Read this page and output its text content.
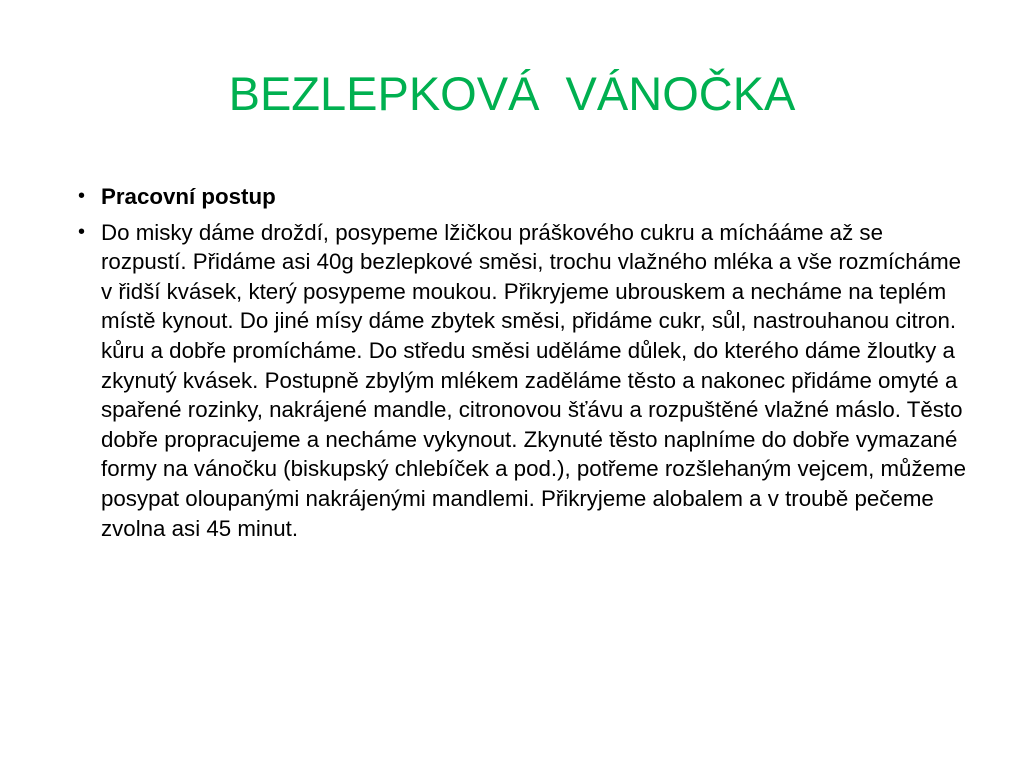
BEZLEPKOVÁ  VÁNOČKA
• Pracovní postup
• Do misky dáme droždí, posypeme lžičkou práškového cukru a míchááme až se rozpustí. Přidáme asi 40g bezlepkové směsi, trochu vlažného mléka a vše rozmícháme v řidší kvásek, který posypeme moukou. Přikryjeme ubrouskem a necháme na teplém místě kynout. Do jiné mísy dáme zbytek směsi, přidáme cukr, sůl, nastrouhanou citron. kůru a dobře promícháme. Do středu směsi uděláme důlek, do kterého dáme žloutky a zkynutý kvásek. Postupně zbylým mlékem zaděláme těsto a nakonec přidáme omyté a spařené rozinky, nakrájené mandle, citronovou šťávu a rozpuštěné vlažné máslo. Těsto dobře propracujeme a necháme vykynout. Zkynuté těsto naplníme do dobře vymazané formy na vánočku (biskupský chlebíček a pod.), potřeme rozšlehaným vejcem, můžeme posypat oloupanými nakrájenými mandlemi. Přikryjeme alobalem a v troubě pečeme zvolna asi 45 minut.
